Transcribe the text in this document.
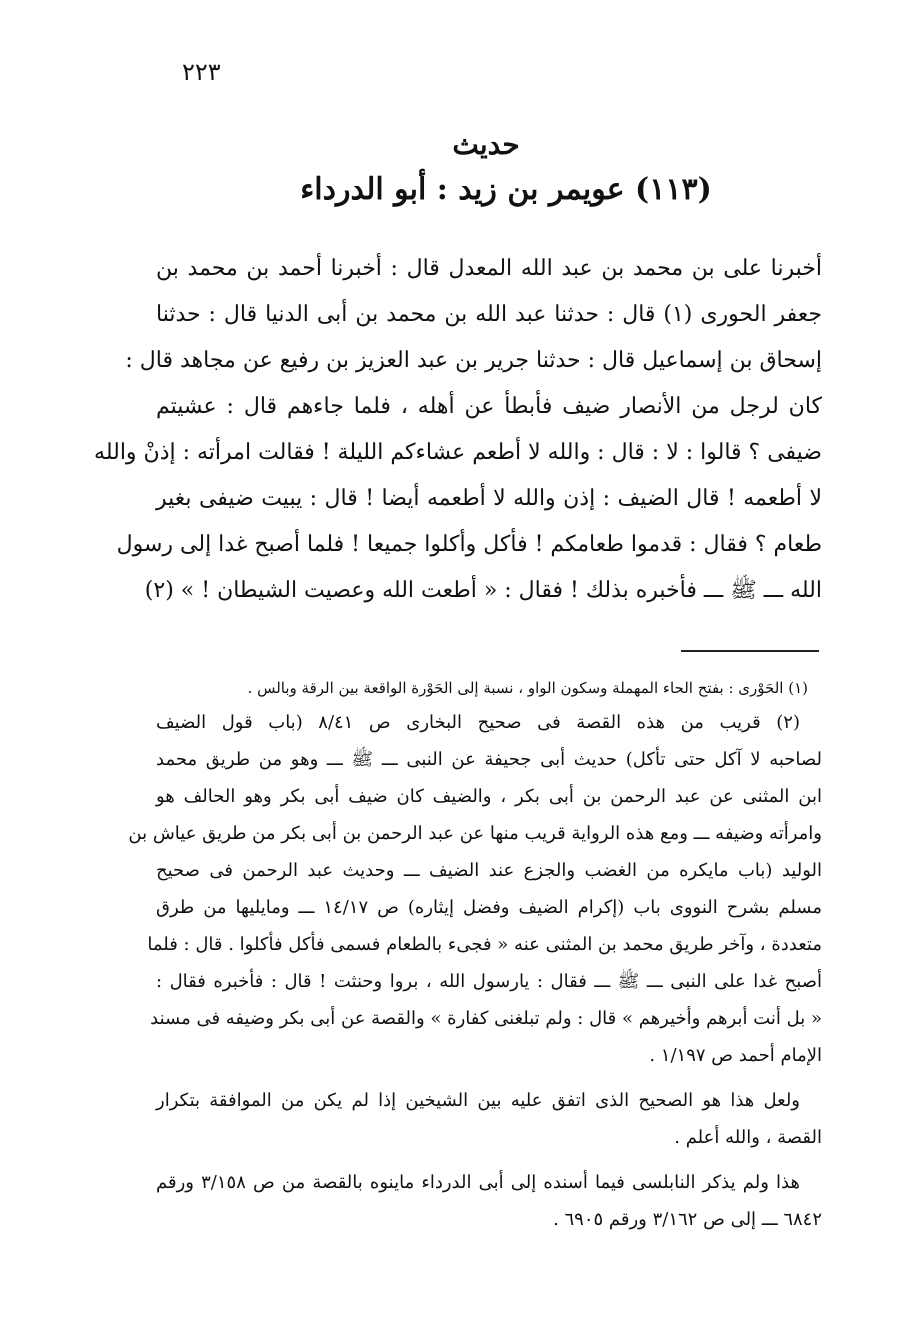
٢٢٣
حديث
(١١٣) عويمر بن زيد : أبو الدرداء
أخبرنا على بن محمد بن عبد الله المعدل قال : أخبرنا أحمد بن محمد بن
جعفر الحورى (١) قال : حدثنا عبد الله بن محمد بن أبى الدنيا قال : حدثنا
إسحاق بن إسماعيل قال : حدثنا جرير بن عبد العزيز بن رفيع عن مجاهد قال :
كان لرجل من الأنصار ضيف فأبطأ عن أهله ، فلما جاءهم قال : عشيتم
ضيفى ؟ قالوا : لا : قال : والله لا أطعم عشاءكم الليلة ! فقالت امرأته : إذنْ والله
لا أطعمه ! قال الضيف : إذن والله لا أطعمه أيضا ! قال : يبيت ضيفى بغير
طعام ؟ فقال : قدموا طعامكم ! فأكل وأكلوا جميعا ! فلما أصبح غدا إلى رسول
الله ـــ ﷺ ـــ فأخبره بذلك ! فقال : « أطعت الله وعصيت الشيطان ! » (٢)
(١) الحَوْرى : بفتح الحاء المهملة وسكون الواو ، نسبة إلى الحَوْرة الواقعة بين الرقة وبالس .
(٢) قريب من هذه القصة فى صحيح البخارى ص ٨/٤١ (باب قول الضيف
لصاحبه لا آكل حتى تأكل) حديث أبى جحيفة عن النبى ـــ ﷺ ـــ وهو من طريق محمد
ابن المثنى عن عبد الرحمن بن أبى بكر ، والضيف كان ضيف أبى بكر وهو الحالف هو
وامرأته وضيفه ـــ ومع هذه الرواية قريب منها عن عبد الرحمن بن أبى بكر من طريق عياش بن
الوليد (باب مايكره من الغضب والجزع عند الضيف ـــ وحديث عبد الرحمن فى صحيح
مسلم بشرح النووى باب (إكرام الضيف وفضل إيثاره) ص ١٤/١٧ ـــ ومايليها من طرق
متعددة ، وآخر طريق محمد بن المثنى عنه « فجىء بالطعام فسمى فأكل فأكلوا . قال : فلما
أصبح غدا على النبى ـــ ﷺ ـــ فقال : يارسول الله ، بروا وحنثت ! قال : فأخبره فقال :
« بل أنت أبرهم وأخيرهم » قال : ولم تبلغنى كفارة » والقصة عن أبى بكر وضيفه فى مسند
الإمام أحمد ص ١/١٩٧ .
ولعل هذا هو الصحيح الذى اتفق عليه بين الشيخين إذا لم يكن من الموافقة بتكرار
القصة ، والله أعلم .
هذا ولم يذكر النابلسى فيما أسنده إلى أبى الدرداء ماينوه بالقصة من ص ٣/١٥٨ ورقم
٦٨٤٢ ـــ إلى ص ٣/١٦٢ ورقم ٦٩٠٥ .
